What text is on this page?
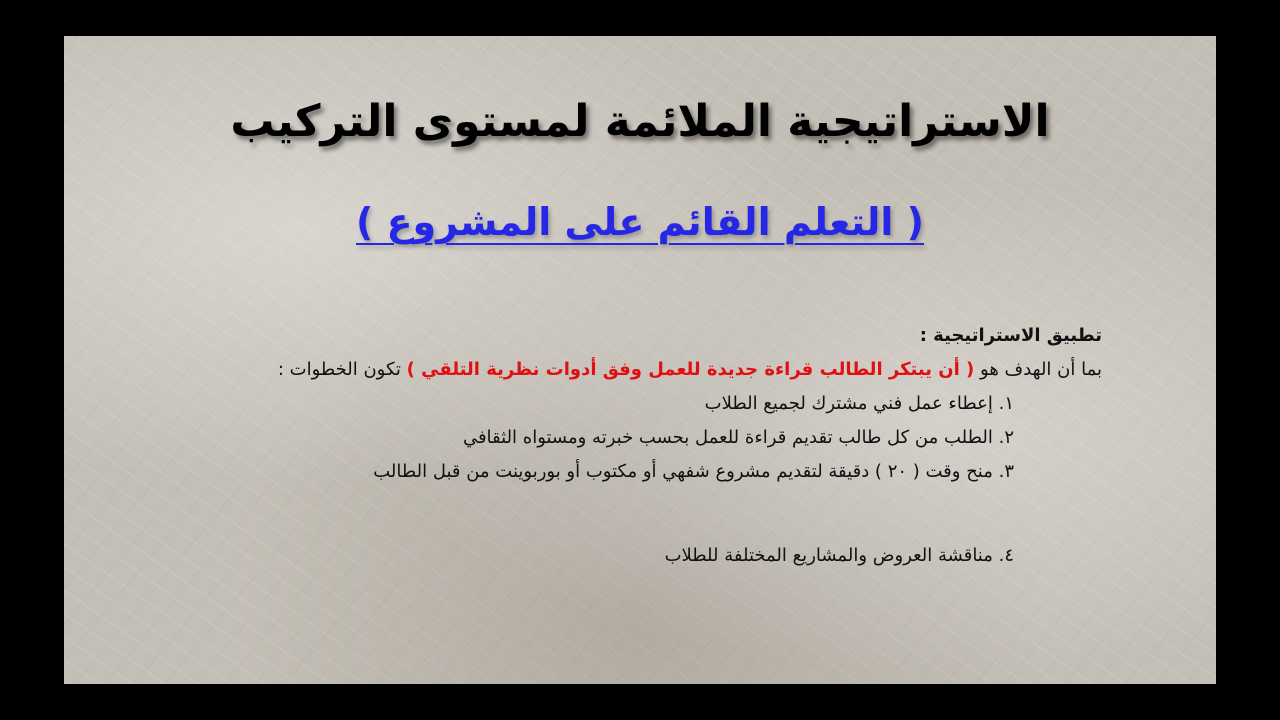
الاستراتيجية الملائمة لمستوى التركيب
( التعلم القائم على المشروع )
تطبيق الاستراتيجية :
بما أن الهدف هو ( أن يبتكر الطالب قراءة جديدة للعمل وفق أدوات نظرية التلقي ) تكون الخطوات :
١. إعطاء عمل فني مشترك لجميع الطلاب
٢. الطلب من كل طالب تقديم قراءة للعمل بحسب خبرته ومستواه الثقافي
٣. منح وقت ( ٢٠ ) دقيقة لتقديم مشروع شفهي أو مكتوب أو بوربوينت من قبل الطالب
٤. مناقشة العروض والمشاريع المختلفة للطلاب
